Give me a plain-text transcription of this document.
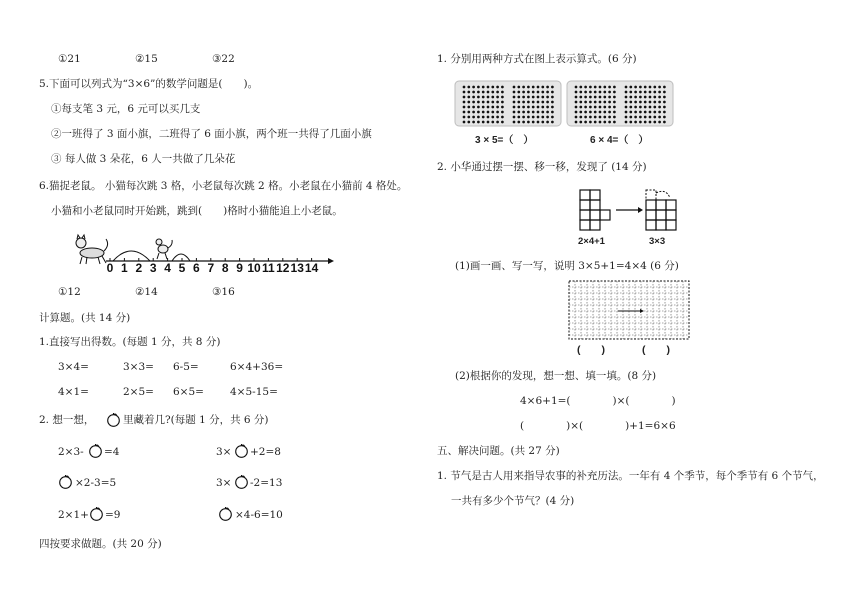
①21	②15	③22
5.下面可以列式为“3×6”的数学问题是(　　)。
①每支笔 3 元，6 元可以买几支
②一班得了 3 面小旗，二班得了 6 面小旗，两个班一共得了几面小旗
③ 每人做 3 朵花，6 人一共做了几朵花
6.猫捉老鼠。 小猫每次跳 3 格，小老鼠每次跳 2 格。小老鼠在小猫前 4 格处。
小猫和小老鼠同时开始跳，跳到(　　)格时小猫能追上小老鼠。
0 1 2 3 4 5 6 7 8 9 10 11 12 13 14
①12	②14	③16
计算题。(共 14 分)
1.直接写出得数。(每题 1 分，共 8 分)
3×4=	3×3= 6-5=	6×4+36=
4×1=	2×5= 6×5= 4×5-15=
2. 想一想，	里藏着几?(每题 1 分，共 6 分)
2×3- =4	3× +2=8
×2-3=5	3× -2=13
2×1+ =9	×4-6=10
四按要求做题。(共 20 分)
1. 分别用两种方式在图上表示算式。(6 分)
3 × 5=（　）	6 × 4=（　）
2. 小华通过摆一摆、移一移，发现了 (14 分)
2×4+1	3×3
(1)画一画、写一写，说明 3×5+1=4×4 (6 分)
(　　)	(　　)
(2)根据你的发现，想一想、填一填。(8 分)
4×6+1=(　　　　)×(　　　　)
(　　　　)×(　　　　)+1=6×6
五、解决问题。(共 27 分)
1. 节气是古人用来指导农事的补充历法。一年有 4 个季节，每个季节有 6 个节气，
一共有多少个节气？(4 分)
